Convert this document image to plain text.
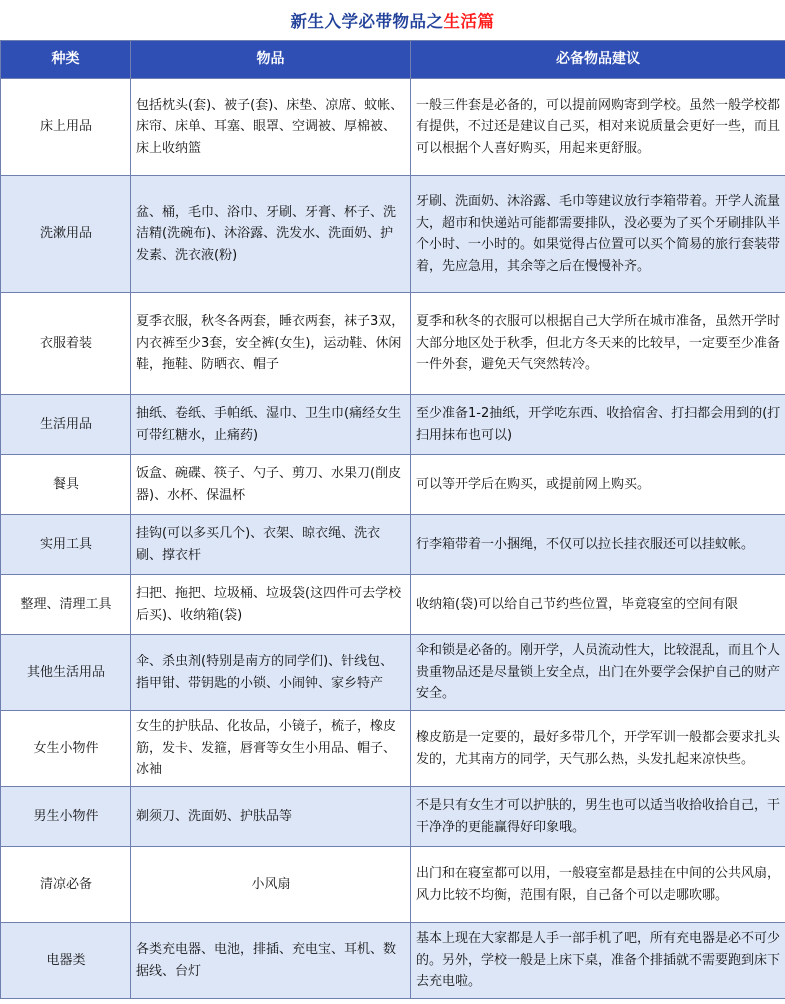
新生入学必带物品之 生活篇
种类	物品	必备物品建议
床上用品	包括枕头(套)、被子(套)、床垫、凉席、蚊帐、床帘、床单、耳塞、眼罩、空调被、厚棉被、床上收纳篮	一般三件套是必备的，可以提前网购寄到学校。虽然一般学校都有提供，不过还是建议自己买，相对来说质量会更好一些，而且可以根据个人喜好购买，用起来更舒服。
洗漱用品	盆、桶，毛巾、浴巾、牙刷、牙膏、杯子、洗洁精(洗碗布)、沐浴露、洗发水、洗面奶、护发素、洗衣液(粉)	牙刷、洗面奶、沐浴露、毛巾等建议放行李箱带着。开学人流量大，超市和快递站可能都需要排队，没必要为了买个牙刷排队半个小时、一小时的。如果觉得占位置可以买个简易的旅行套装带着，先应急用，其余等之后在慢慢补齐。
衣服着装	夏季衣服，秋冬各两套，睡衣两套，袜子3双，内衣裤至少3套，安全裤(女生)，运动鞋、休闲鞋，拖鞋、防晒衣、帽子	夏季和秋冬的衣服可以根据自己大学所在城市准备，虽然开学时大部分地区处于秋季，但北方冬天来的比较早，一定要至少准备一件外套，避免天气突然转冷。
生活用品	抽纸、卷纸、手帕纸、湿巾、卫生巾(痛经女生可带红糖水，止痛药)	至少准备1-2抽纸，开学吃东西、收拾宿舍、打扫都会用到的(打扫用抹布也可以)
餐具	饭盒、碗碟、筷子、勺子、剪刀、水果刀(削皮器)、水杯、保温杯	可以等开学后在购买，或提前网上购买。
实用工具	挂钩(可以多买几个)、衣架、晾衣绳、洗衣刷、撑衣杆	行李箱带着一小捆绳，不仅可以拉长挂衣服还可以挂蚊帐。
整理、清理工具	扫把、拖把、垃圾桶、垃圾袋(这四件可去学校后买)、收纳箱(袋)	收纳箱(袋)可以给自己节约些位置，毕竟寝室的空间有限
其他生活用品	伞、杀虫剂(特别是南方的同学们)、针线包、指甲钳、带钥匙的小锁、小闹钟、家乡特产	伞和锁是必备的。刚开学，人员流动性大，比较混乱，而且个人贵重物品还是尽量锁上安全点，出门在外要学会保护自己的财产安全。
女生小物件	女生的护肤品、化妆品，小镜子，梳子，橡皮筋，发卡、发箍，唇膏等女生小用品、帽子、冰袖	橡皮筋是一定要的，最好多带几个，开学军训一般都会要求扎头发的，尤其南方的同学，天气那么热，头发扎起来凉快些。
男生小物件	剃须刀、洗面奶、护肤品等	不是只有女生才可以护肤的，男生也可以适当收拾收拾自己，干干净净的更能赢得好印象哦。
清凉必备	小风扇	出门和在寝室都可以用，一般寝室都是悬挂在中间的公共风扇，风力比较不均衡，范围有限，自己备个可以走哪吹哪。
电器类	各类充电器、电池，排插、充电宝、耳机、数据线、台灯	基本上现在大家都是人手一部手机了吧，所有充电器是必不可少的。另外，学校一般是上床下桌，准备个排插就不需要跑到床下去充电啦。
